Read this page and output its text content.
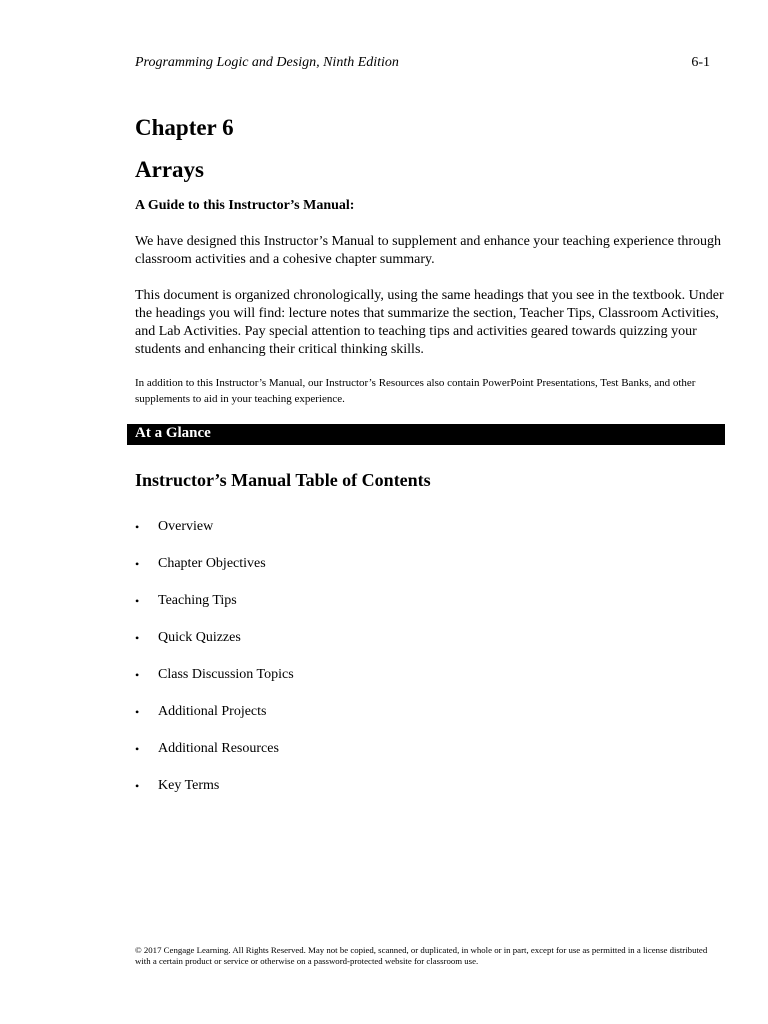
Programming Logic and Design, Ninth Edition	6-1
Chapter 6
Arrays
A Guide to this Instructor’s Manual:
We have designed this Instructor’s Manual to supplement and enhance your teaching experience through classroom activities and a cohesive chapter summary.
This document is organized chronologically, using the same headings that you see in the textbook. Under the headings you will find: lecture notes that summarize the section, Teacher Tips, Classroom Activities, and Lab Activities. Pay special attention to teaching tips and activities geared towards quizzing your students and enhancing their critical thinking skills.
In addition to this Instructor’s Manual, our Instructor’s Resources also contain PowerPoint Presentations, Test Banks, and other supplements to aid in your teaching experience.
At a Glance
Instructor’s Manual Table of Contents
•	Overview
•	Chapter Objectives
•	Teaching Tips
•	Quick Quizzes
•	Class Discussion Topics
•	Additional Projects
•	Additional Resources
•	Key Terms
© 2017 Cengage Learning. All Rights Reserved. May not be copied, scanned, or duplicated, in whole or in part, except for use as permitted in a license distributed with a certain product or service or otherwise on a password-protected website for classroom use.
